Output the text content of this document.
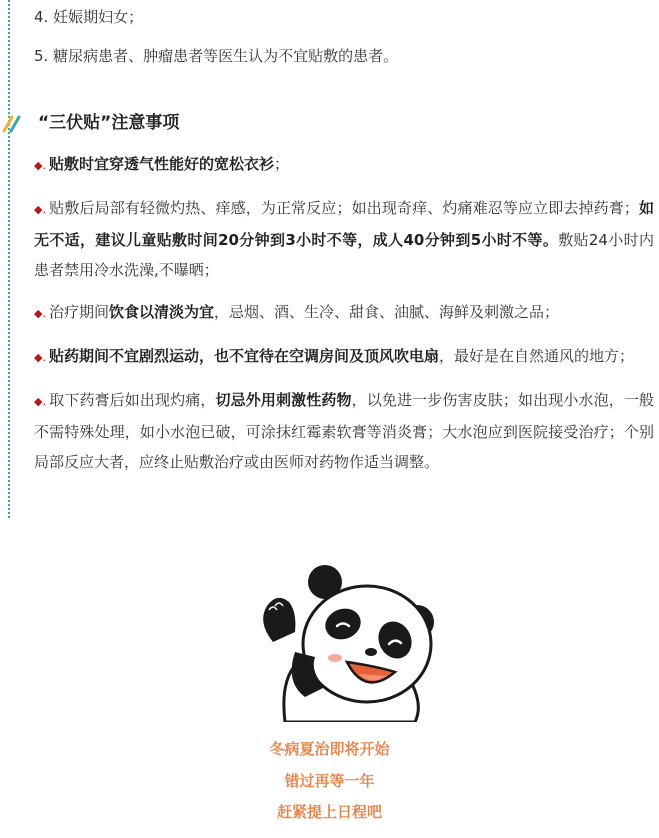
4. 妊娠期妇女；

5. 糖尿病患者、肿瘤患者等医生认为不宜贴敷的患者。

“三伏贴”注意事项

◆. 贴敷时宜穿透气性能好的宽松衣衫；

◆. 贴敷后局部有轻微灼热、痒感，为正常反应；如出现奇痒、灼痛难忍等应立即去掉药膏；如无不适，建议儿童贴敷时间20分钟到3小时不等，成人40分钟到5小时不等。敷贴24小时内患者禁用冷水洗澡,不曝晒；

◆. 治疗期间饮食以清淡为宜，忌烟、酒、生冷、甜食、油腻、海鲜及刺激之品；

◆. 贴药期间不宜剧烈运动，也不宜待在空调房间及顶风吹电扇，最好是在自然通风的地方；

◆. 取下药膏后如出现灼痛，切忌外用刺激性药物，以免进一步伤害皮肤；如出现小水泡，一般不需特殊处理，如小水泡已破，可涂抹红霉素软膏等消炎膏；大水泡应到医院接受治疗；个别局部反应大者，应终止贴敷治疗或由医师对药物作适当调整。

冬病夏治即将开始
错过再等一年
赶紧提上日程吧
